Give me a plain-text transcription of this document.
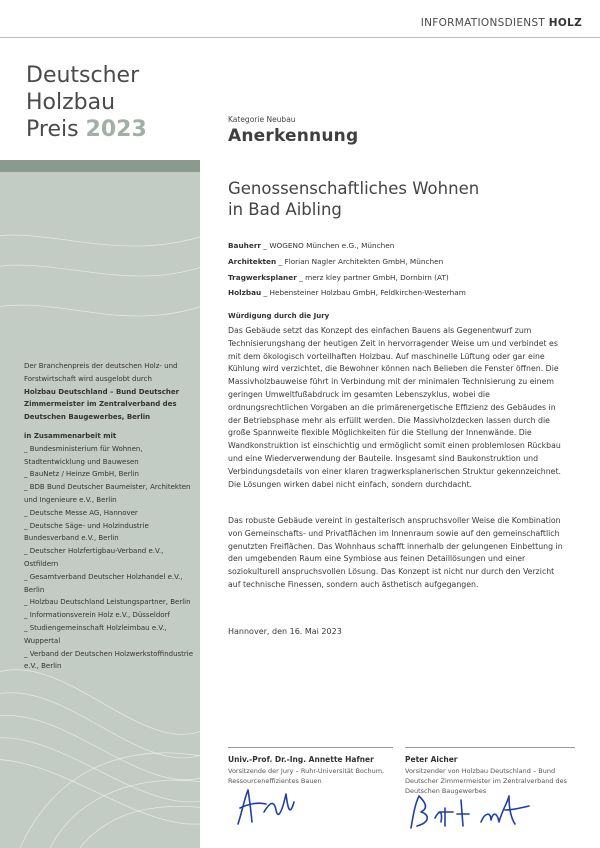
INFORMATIONSDIENST HOLZ
Deutscher
Holzbau
Preis 2023
Der Branchenpreis der deutschen Holz- und Forstwirtschaft wird ausgelobt durch
Holzbau Deutschland – Bund Deutscher Zimmermeister im Zentralverband des Deutschen Baugewerbes, Berlin
in Zusammenarbeit mit
_ Bundesministerium für Wohnen, Stadtentwicklung und Bauwesen
_ BauNetz / Heinze GmbH, Berlin
_ BDB Bund Deutscher Baumeister, Architekten und Ingenieure e.V., Berlin
_ Deutsche Messe AG, Hannover
_ Deutsche Säge- und Holzindustrie Bundesverband e.V., Berlin
_ Deutscher Holzfertigbau-Verband e.V., Ostfildern
_ Gesamtverband Deutscher Holzhandel e.V., Berlin
_ Holzbau Deutschland Leistungspartner, Berlin
_ Informationsverein Holz e.V., Düsseldorf
_ Studiengemeinschaft Holzleimbau e.V., Wuppertal
_ Verband der Deutschen Holzwerkstoffindustrie e.V., Berlin
Kategorie Neubau
Anerkennung
Genossenschaftliches Wohnen
in Bad Aibling
Bauherr _ WOGENO München e.G., München
Architekten _ Florian Nagler Architekten GmbH, München
Tragwerksplaner _ merz kley partner GmbH, Dornbirn (AT)
Holzbau _ Hebensteiner Holzbau GmbH, Feldkirchen-Westerham
Würdigung durch die Jury
Das Gebäude setzt das Konzept des einfachen Bauens als Gegenentwurf zum Technisierungshang der heutigen Zeit in hervorragender Weise um und verbindet es mit dem ökologisch vorteilhaften Holzbau. Auf maschinelle Lüftung oder gar eine Kühlung wird verzichtet, die Bewohner können nach Belieben die Fenster öffnen. Die Massivholzbauweise führt in Verbindung mit der minimalen Technisierung zu einem geringen Umweltfußabdruck im gesamten Lebenszyklus, wobei die ordnungsrechtlichen Vorgaben an die primärenergetische Effizienz des Gebäudes in der Betriebsphase mehr als erfüllt werden. Die Massivholzdecken lassen durch die große Spannweite flexible Möglichkeiten für die Stellung der Innenwände. Die Wandkonstruktion ist einschichtig und ermöglicht somit einen problemlosen Rückbau und eine Wiederverwendung der Bauteile. Insgesamt sind Baukonstruktion und Verbindungsdetails von einer klaren tragwerksplanerischen Struktur gekennzeichnet. Die Lösungen wirken dabei nicht einfach, sondern durchdacht.
Das robuste Gebäude vereint in gestalterisch anspruchsvoller Weise die Kombination von Gemeinschafts- und Privatflächen im Innenraum sowie auf den gemeinschaftlich genutzten Freiflächen. Das Wohnhaus schafft innerhalb der gelungenen Einbettung in den umgebenden Raum eine Symbiose aus feinen Detaillösungen und einer soziokulturell anspruchsvollen Lösung. Das Konzept ist nicht nur durch den Verzicht auf technische Finessen, sondern auch ästhetisch aufgegangen.
Hannover, den 16. Mai 2023
Univ.-Prof. Dr.-Ing. Annette Hafner
Vorsitzende der Jury – Ruhr-Universität Bochum, Ressourceneffizientes Bauen
Peter Aicher
Vorsitzender von Holzbau Deutschland – Bund Deutscher Zimmermeister im Zentralverband des Deutschen Baugewerbes
